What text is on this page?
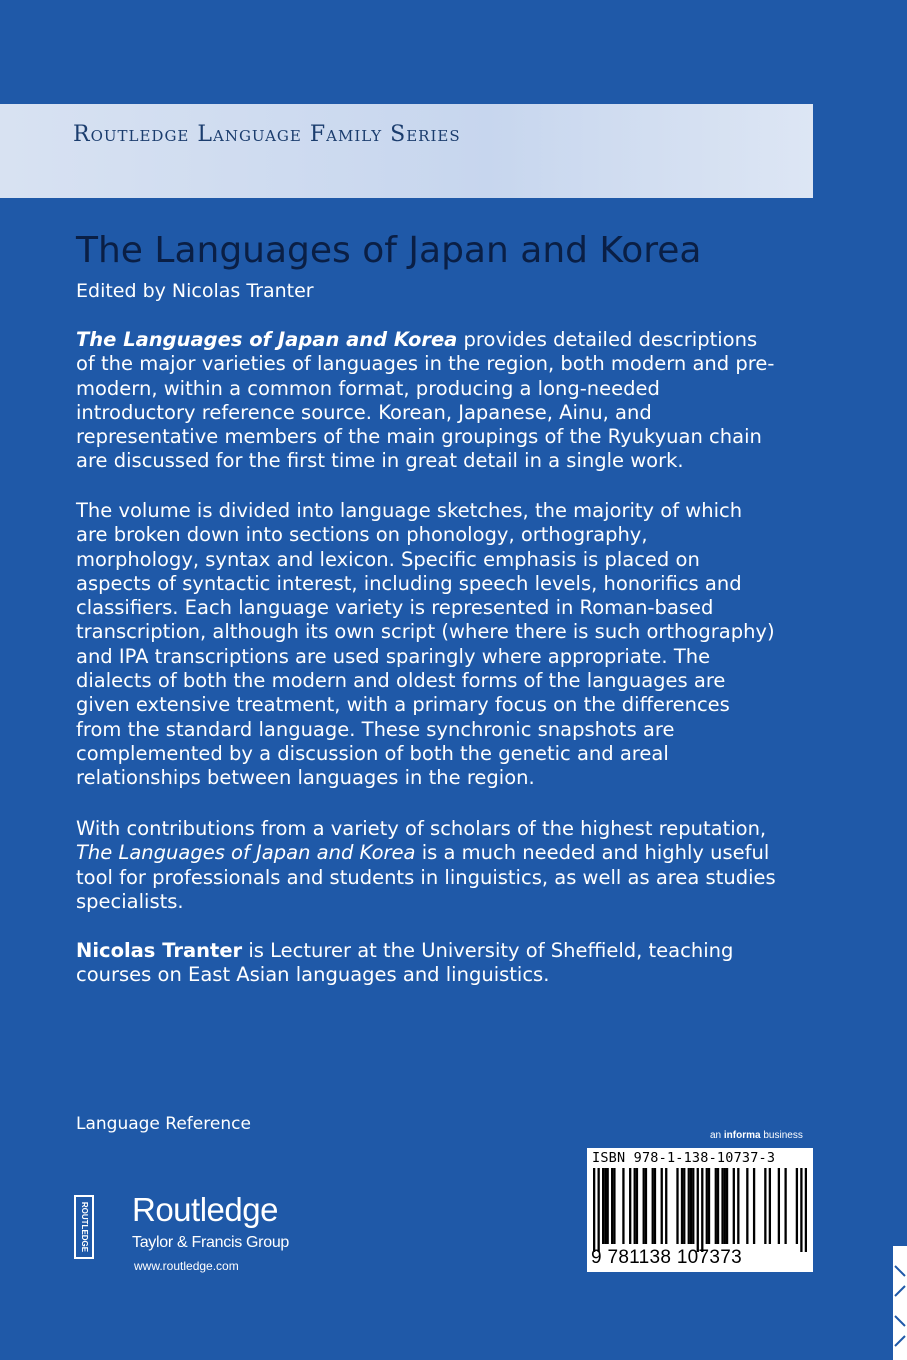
Routledge Language Family Series
The Languages of Japan and Korea
Edited by Nicolas Tranter

The Languages of Japan and Korea provides detailed descriptions of the major varieties of languages in the region, both modern and pre-modern, within a common format, producing a long-needed introductory reference source. Korean, Japanese, Ainu, and representative members of the main groupings of the Ryukyuan chain are discussed for the first time in great detail in a single work.

The volume is divided into language sketches, the majority of which are broken down into sections on phonology, orthography, morphology, syntax and lexicon. Specific emphasis is placed on aspects of syntactic interest, including speech levels, honorifics and classifiers. Each language variety is represented in Roman-based transcription, although its own script (where there is such orthography) and IPA transcriptions are used sparingly where appropriate. The dialects of both the modern and oldest forms of the languages are given extensive treatment, with a primary focus on the differences from the standard language. These synchronic snapshots are complemented by a discussion of both the genetic and areal relationships between languages in the region.

With contributions from a variety of scholars of the highest reputation, The Languages of Japan and Korea is a much needed and highly useful tool for professionals and students in linguistics, as well as area studies specialists.

Nicolas Tranter is Lecturer at the University of Sheffield, teaching courses on East Asian languages and linguistics.

Language Reference
ROUTLEDGE Routledge
Taylor & Francis Group
www.routledge.com
an informa business
ISBN 978-1-138-10737-3
9 781138 107373
